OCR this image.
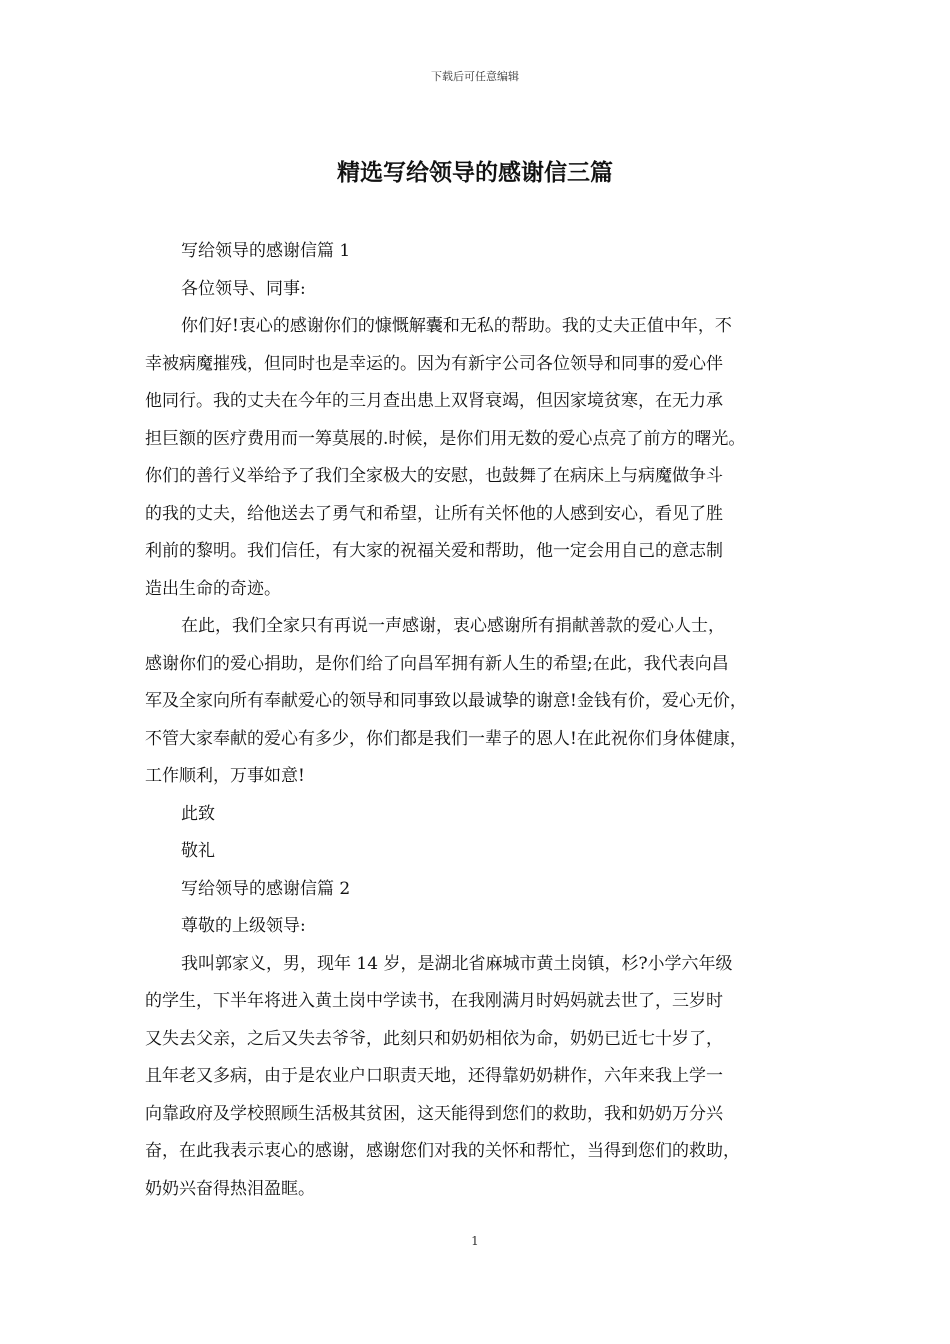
下载后可任意编辑
精选写给领导的感谢信三篇

写给领导的感谢信篇 1

各位领导、同事:

你们好!衷心的感谢你们的慷慨解囊和无私的帮助。我的丈夫正值中年，不

幸被病魔摧残，但同时也是幸运的。因为有新宇公司各位领导和同事的爱心伴

他同行。我的丈夫在今年的三月查出患上双肾衰竭，但因家境贫寒，在无力承

担巨额的医疗费用而一筹莫展的.时候，是你们用无数的爱心点亮了前方的曙光。

你们的善行义举给予了我们全家极大的安慰，也鼓舞了在病床上与病魔做争斗

的我的丈夫，给他送去了勇气和希望，让所有关怀他的人感到安心，看见了胜

利前的黎明。我们信任，有大家的祝福关爱和帮助，他一定会用自己的意志制

造出生命的奇迹。

在此，我们全家只有再说一声感谢，衷心感谢所有捐献善款的爱心人士，

感谢你们的爱心捐助，是你们给了向昌军拥有新人生的希望;在此，我代表向昌

军及全家向所有奉献爱心的领导和同事致以最诚挚的谢意!金钱有价，爱心无价，

不管大家奉献的爱心有多少，你们都是我们一辈子的恩人!在此祝你们身体健康，

工作顺利，万事如意!

此致

敬礼

写给领导的感谢信篇 2

尊敬的上级领导:

我叫郭家义，男，现年 14 岁，是湖北省麻城市黄土岗镇，杉?小学六年级

的学生，下半年将进入黄土岗中学读书，在我刚满月时妈妈就去世了，三岁时

又失去父亲，之后又失去爷爷，此刻只和奶奶相依为命，奶奶已近七十岁了，

且年老又多病，由于是农业户口职责天地，还得靠奶奶耕作，六年来我上学一

向靠政府及学校照顾生活极其贫困，这天能得到您们的救助，我和奶奶万分兴

奋，在此我表示衷心的感谢，感谢您们对我的关怀和帮忙，当得到您们的救助，

奶奶兴奋得热泪盈眶。

1
